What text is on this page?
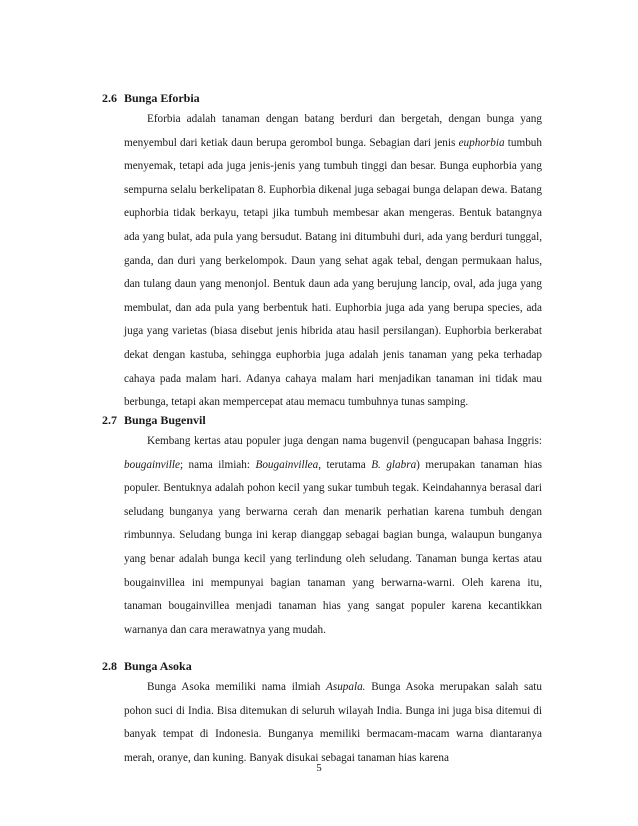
2.6 Bunga Eforbia

Eforbia adalah tanaman dengan batang berduri dan bergetah, dengan bunga yang menyembul dari ketiak daun berupa gerombol bunga. Sebagian dari jenis euphorbia tumbuh menyemak, tetapi ada juga jenis-jenis yang tumbuh tinggi dan besar. Bunga euphorbia yang sempurna selalu berkelipatan 8. Euphorbia dikenal juga sebagai bunga delapan dewa. Batang euphorbia tidak berkayu, tetapi jika tumbuh membesar akan mengeras. Bentuk batangnya ada yang bulat, ada pula yang bersudut. Batang ini ditumbuhi duri, ada yang berduri tunggal, ganda, dan duri yang berkelompok. Daun yang sehat agak tebal, dengan permukaan halus, dan tulang daun yang menonjol. Bentuk daun ada yang berujung lancip, oval, ada juga yang membulat, dan ada pula yang berbentuk hati. Euphorbia juga ada yang berupa species, ada juga yang varietas (biasa disebut jenis hibrida atau hasil persilangan). Euphorbia berkerabat dekat dengan kastuba, sehingga euphorbia juga adalah jenis tanaman yang peka terhadap cahaya pada malam hari. Adanya cahaya malam hari menjadikan tanaman ini tidak mau berbunga, tetapi akan mempercepat atau memacu tumbuhnya tunas samping.

2.7 Bunga Bugenvil

Kembang kertas atau populer juga dengan nama bugenvil (pengucapan bahasa Inggris: bougainville; nama ilmiah: Bougainvillea, terutama B. glabra) merupakan tanaman hias populer. Bentuknya adalah pohon kecil yang sukar tumbuh tegak. Keindahannya berasal dari seludang bunganya yang berwarna cerah dan menarik perhatian karena tumbuh dengan rimbunnya. Seludang bunga ini kerap dianggap sebagai bagian bunga, walaupun bunganya yang benar adalah bunga kecil yang terlindung oleh seludang. Tanaman bunga kertas atau bougainvillea ini mempunyai bagian tanaman yang berwarna-warni. Oleh karena itu, tanaman bougainvillea menjadi tanaman hias yang sangat populer karena kecantikkan warnanya dan cara merawatnya yang mudah.

2.8 Bunga Asoka

Bunga Asoka memiliki nama ilmiah Asupala. Bunga Asoka merupakan salah satu pohon suci di India. Bisa ditemukan di seluruh wilayah India. Bunga ini juga bisa ditemui di banyak tempat di Indonesia. Bunganya memiliki bermacam-macam warna diantaranya merah, oranye, dan kuning. Banyak disukai sebagai tanaman hias karena

5
